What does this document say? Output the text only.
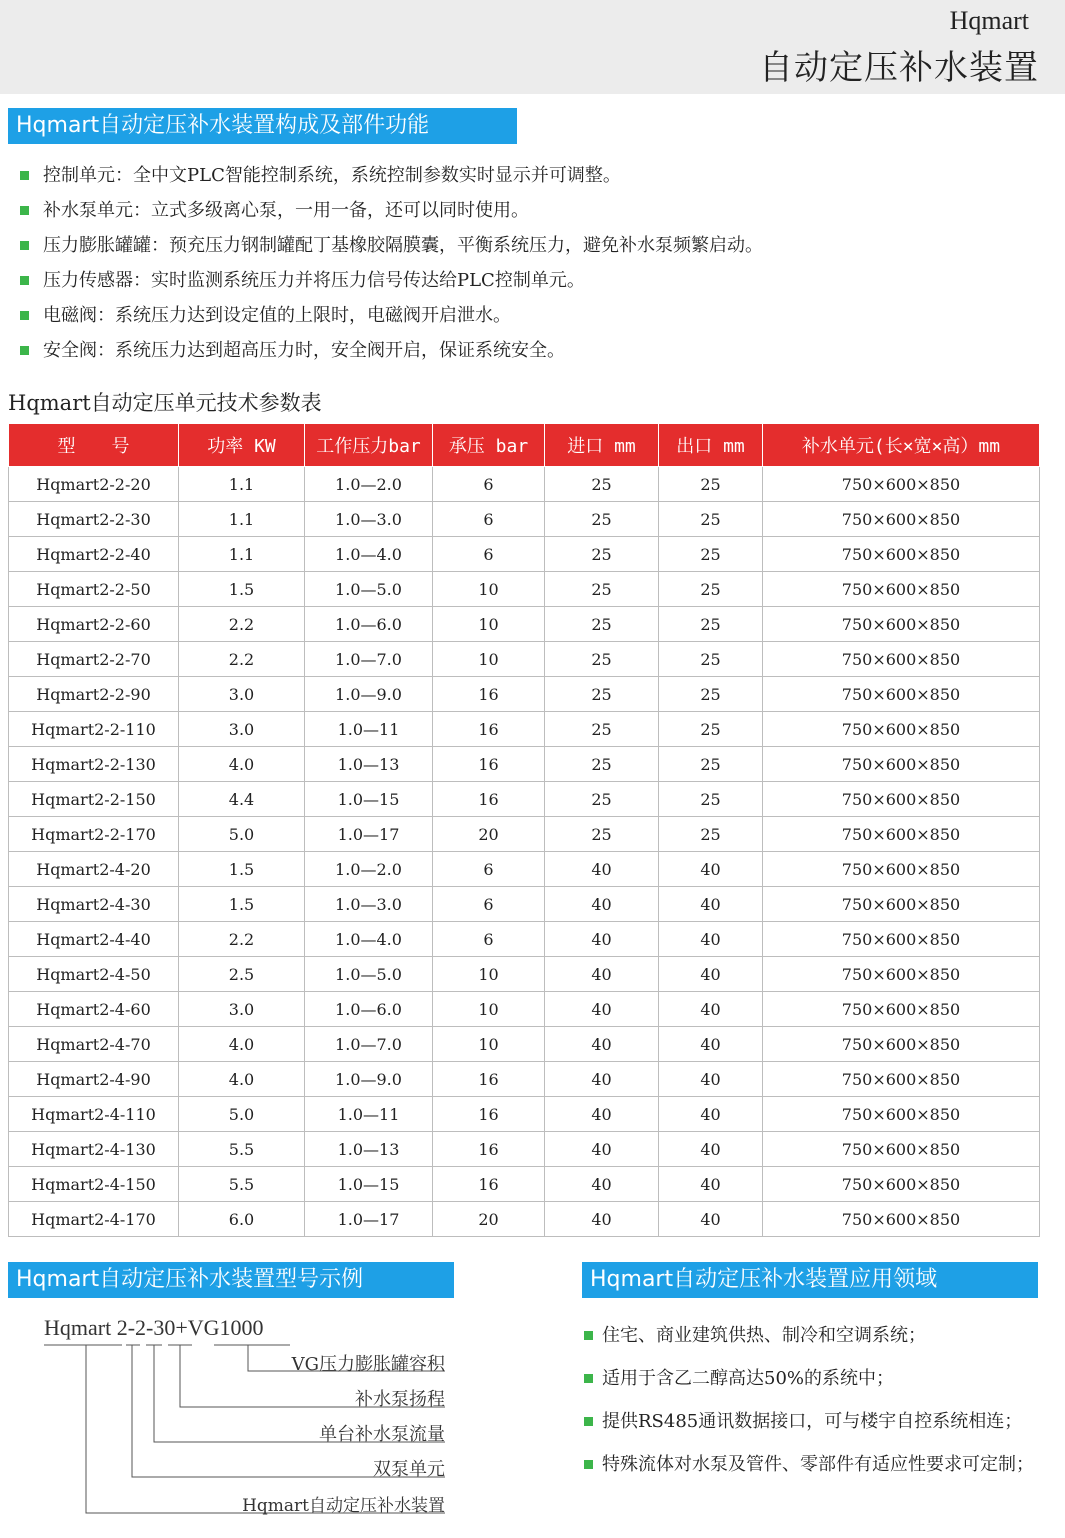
Hqmart
自动定压补水装置
Hqmart自动定压补水装置构成及部件功能
控制单元：全中文PLC智能控制系统，系统控制参数实时显示并可调整。
补水泵单元：立式多级离心泵，一用一备，还可以同时使用。
压力膨胀罐罐：预充压力钢制罐配丁基橡胶隔膜囊，平衡系统压力，避免补水泵频繁启动。
压力传感器：实时监测系统压力并将压力信号传达给PLC控制单元。
电磁阀：系统压力达到设定值的上限时，电磁阀开启泄水。
安全阀：系统压力达到超高压力时，安全阀开启，保证系统安全。
Hqmart自动定压单元技术参数表
型　　号	功率 KW	工作压力bar	承压 bar	进口 mm	出口 mm	补水单元(长×宽×高）mm
Hqmart2-2-20	1.1	1.0—2.0	6	25	25	750×600×850
Hqmart2-2-30	1.1	1.0—3.0	6	25	25	750×600×850
Hqmart2-2-40	1.1	1.0—4.0	6	25	25	750×600×850
Hqmart2-2-50	1.5	1.0—5.0	10	25	25	750×600×850
Hqmart2-2-60	2.2	1.0—6.0	10	25	25	750×600×850
Hqmart2-2-70	2.2	1.0—7.0	10	25	25	750×600×850
Hqmart2-2-90	3.0	1.0—9.0	16	25	25	750×600×850
Hqmart2-2-110	3.0	1.0—11	16	25	25	750×600×850
Hqmart2-2-130	4.0	1.0—13	16	25	25	750×600×850
Hqmart2-2-150	4.4	1.0—15	16	25	25	750×600×850
Hqmart2-2-170	5.0	1.0—17	20	25	25	750×600×850
Hqmart2-4-20	1.5	1.0—2.0	6	40	40	750×600×850
Hqmart2-4-30	1.5	1.0—3.0	6	40	40	750×600×850
Hqmart2-4-40	2.2	1.0—4.0	6	40	40	750×600×850
Hqmart2-4-50	2.5	1.0—5.0	10	40	40	750×600×850
Hqmart2-4-60	3.0	1.0—6.0	10	40	40	750×600×850
Hqmart2-4-70	4.0	1.0—7.0	10	40	40	750×600×850
Hqmart2-4-90	4.0	1.0—9.0	16	40	40	750×600×850
Hqmart2-4-110	5.0	1.0—11	16	40	40	750×600×850
Hqmart2-4-130	5.5	1.0—13	16	40	40	750×600×850
Hqmart2-4-150	5.5	1.0—15	16	40	40	750×600×850
Hqmart2-4-170	6.0	1.0—17	20	40	40	750×600×850
Hqmart自动定压补水装置型号示例
Hqmart 2-2-30+VG1000
VG压力膨胀罐容积
补水泵扬程
单台补水泵流量
双泵单元
Hqmart自动定压补水装置
Hqmart自动定压补水装置应用领域
住宅、商业建筑供热、制冷和空调系统；
适用于含乙二醇高达50%的系统中；
提供RS485通讯数据接口，可与楼宇自控系统相连；
特殊流体对水泵及管件、零部件有适应性要求可定制；
